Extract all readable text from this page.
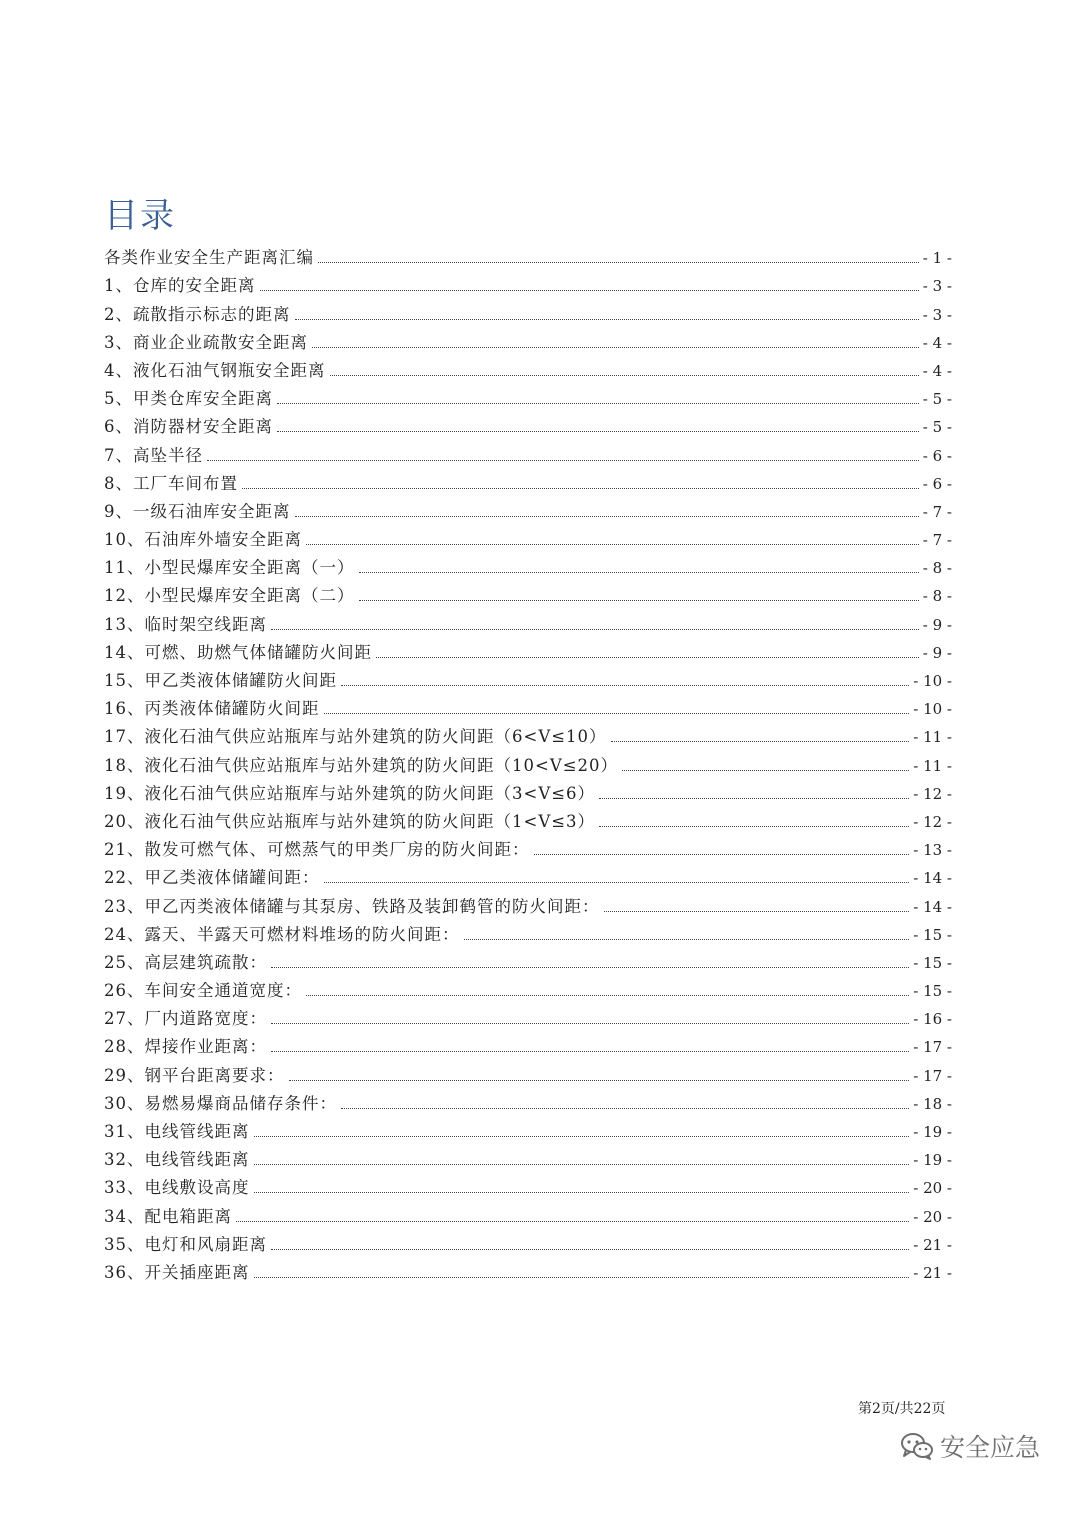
目录
各类作业安全生产距离汇编	- 1 -
1、仓库的安全距离	- 3 -
2、疏散指示标志的距离	- 3 -
3、商业企业疏散安全距离	- 4 -
4、液化石油气钢瓶安全距离	- 4 -
5、甲类仓库安全距离	- 5 -
6、消防器材安全距离	- 5 -
7、高坠半径	- 6 -
8、工厂车间布置	- 6 -
9、一级石油库安全距离	- 7 -
10、石油库外墙安全距离	- 7 -
11、小型民爆库安全距离（一）	- 8 -
12、小型民爆库安全距离（二）	- 8 -
13、临时架空线距离	- 9 -
14、可燃、助燃气体储罐防火间距	- 9 -
15、甲乙类液体储罐防火间距	- 10 -
16、丙类液体储罐防火间距	- 10 -
17、液化石油气供应站瓶库与站外建筑的防火间距（6<V≤10）	- 11 -
18、液化石油气供应站瓶库与站外建筑的防火间距（10<V≤20）	- 11 -
19、液化石油气供应站瓶库与站外建筑的防火间距（3<V≤6）	- 12 -
20、液化石油气供应站瓶库与站外建筑的防火间距（1<V≤3）	- 12 -
21、散发可燃气体、可燃蒸气的甲类厂房的防火间距：	- 13 -
22、甲乙类液体储罐间距：	- 14 -
23、甲乙丙类液体储罐与其泵房、铁路及装卸鹤管的防火间距：	- 14 -
24、露天、半露天可燃材料堆场的防火间距：	- 15 -
25、高层建筑疏散：	- 15 -
26、车间安全通道宽度：	- 15 -
27、厂内道路宽度：	- 16 -
28、焊接作业距离：	- 17 -
29、钢平台距离要求：	- 17 -
30、易燃易爆商品储存条件：	- 18 -
31、电线管线距离	- 19 -
32、电线管线距离	- 19 -
33、电线敷设高度	- 20 -
34、配电箱距离	- 20 -
35、电灯和风扇距离	- 21 -
36、开关插座距离	- 21 -
第2页/共22页
安全应急
